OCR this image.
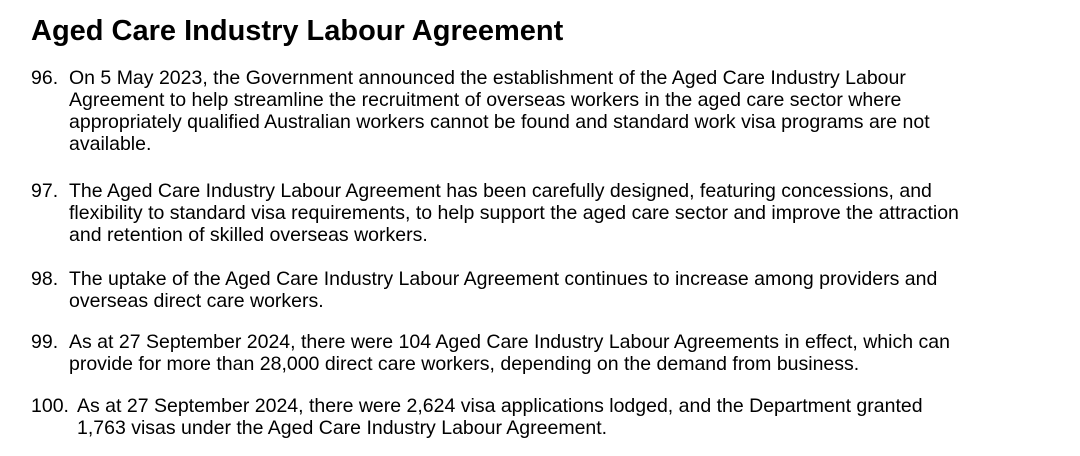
Aged Care Industry Labour Agreement
96. On 5 May 2023, the Government announced the establishment of the Aged Care Industry Labour
Agreement to help streamline the recruitment of overseas workers in the aged care sector where
appropriately qualified Australian workers cannot be found and standard work visa programs are not
available.
97. The Aged Care Industry Labour Agreement has been carefully designed, featuring concessions, and
flexibility to standard visa requirements, to help support the aged care sector and improve the attraction
and retention of skilled overseas workers.
98. The uptake of the Aged Care Industry Labour Agreement continues to increase among providers and
overseas direct care workers.
99. As at 27 September 2024, there were 104 Aged Care Industry Labour Agreements in effect, which can
provide for more than 28,000 direct care workers, depending on the demand from business.
100. As at 27 September 2024, there were 2,624 visa applications lodged, and the Department granted
1,763 visas under the Aged Care Industry Labour Agreement.
